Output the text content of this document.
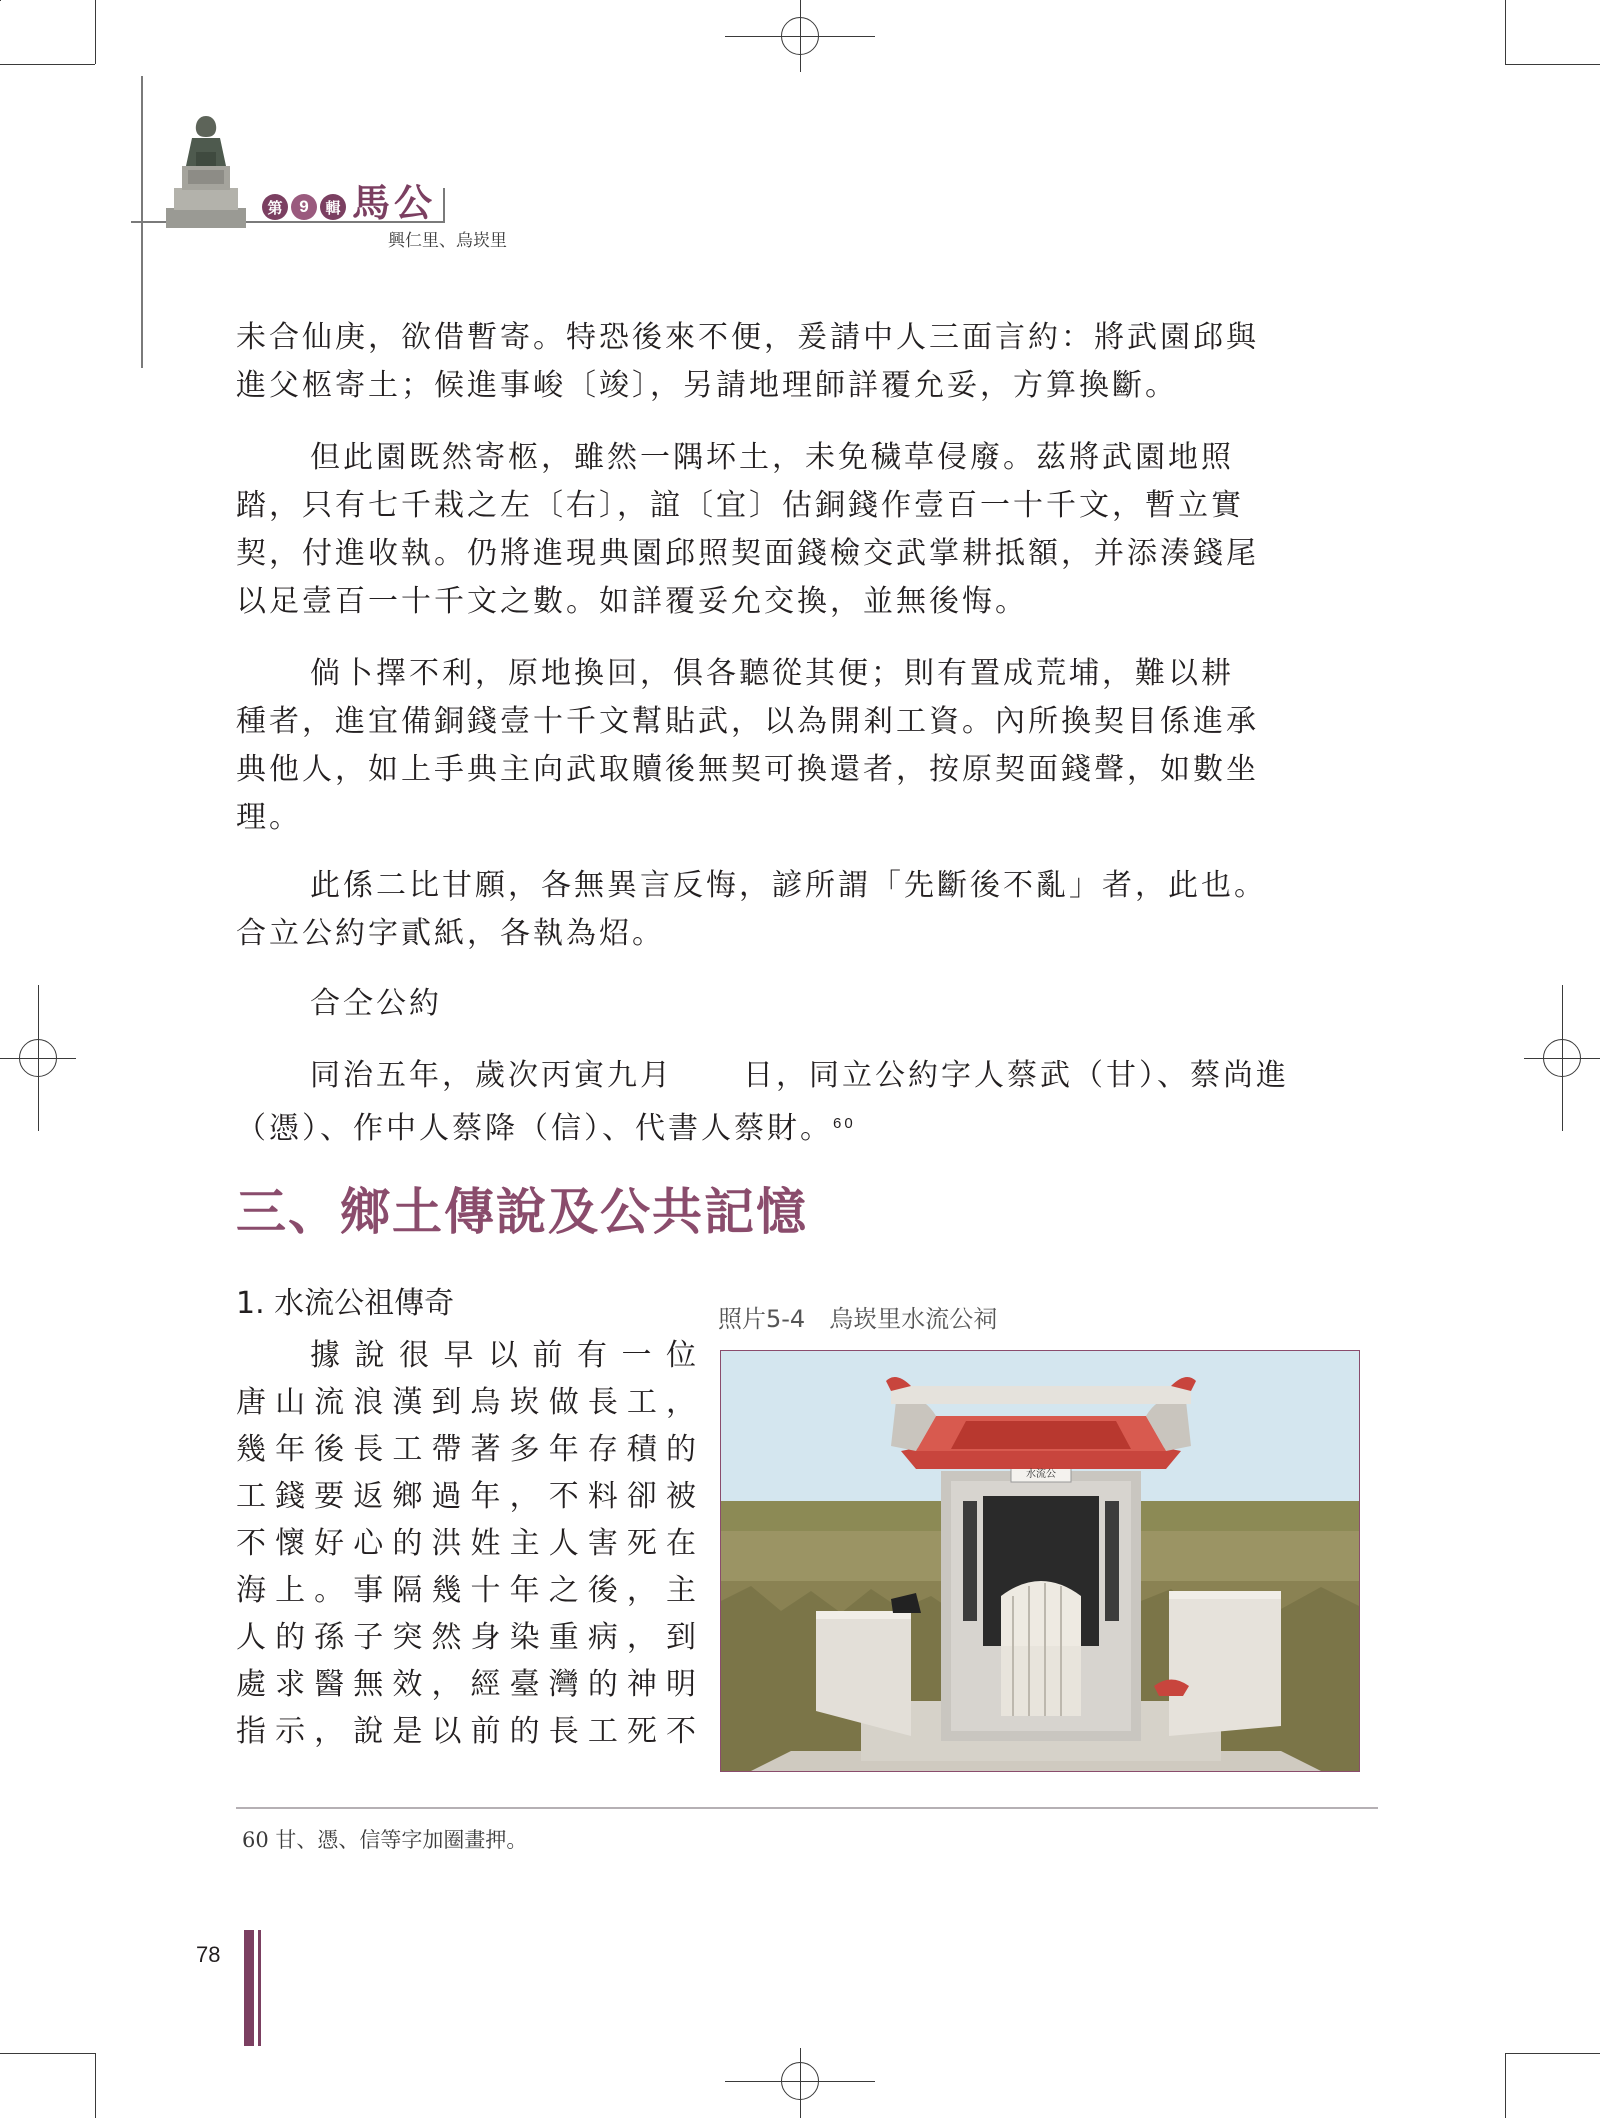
第 9	輯 馬公
興仁里、烏崁里

未合仙庚，欲借暫寄。特恐後來不便，爰請中人三面言約：將武園邱與

進父柩寄土；候進事峻〔竣〕，另請地理師詳覆允妥，方算換斷。

但此園既然寄柩，雖然一隅坏土，未免穢草侵廢。茲將武園地照

踏，只有七千栽之左〔右〕，誼〔宜〕估銅錢作壹百一十千文，暫立實

契，付進收執。仍將進現典園邱照契面錢檢交武掌耕抵額，并添湊錢尾

以足壹百一十千文之數。如詳覆妥允交換，並無後悔。

倘卜擇不利，原地換回，俱各聽從其便；則有置成荒埔，難以耕

種者，進宜備銅錢壹十千文幫貼武，以為開剎工資。內所換契目係進承

典他人，如上手典主向武取贖後無契可換還者，按原契面錢聲，如數坐

理。

此係二比甘願，各無異言反悔，諺所謂「先斷後不亂」者，此也。

合立公約字貳紙，各執為炤。

合仝公約

同治五年，歲次丙寅九月 日，同立公約字人蔡武（甘）、蔡尚進

（憑）、作中人蔡降（信）、代書人蔡財。$^{60}$

三、鄉土傳說及公共記憶
1. 水流公祖傳奇
據說很早以前有一位
唐山流浪漢到烏崁做長工，
幾年後長工帶著多年存積的
工錢要返鄉過年，不料卻被
不懷好心的洪姓主人害死在
海上。事隔幾十年之後，主
人的孫子突然身染重病，到
處求醫無效，經臺灣的神明
指示，說是以前的長工死不
照片5-4　烏崁里水流公祠
水流公
60 甘、憑、信等字加圈畫押。
78
